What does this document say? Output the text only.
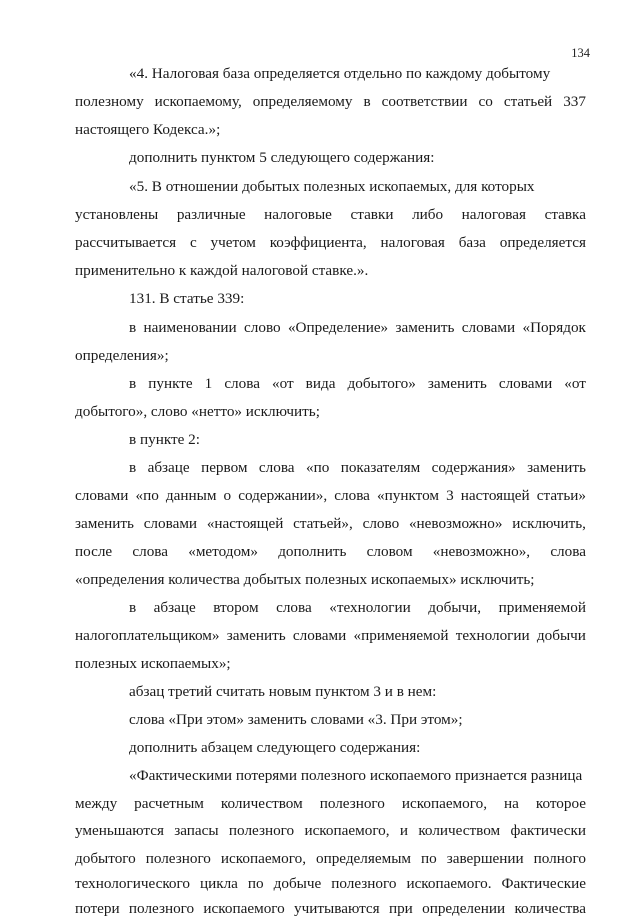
134
«4. Налоговая база определяется отдельно по каждому добытому
полезному ископаемому, определяемому в соответствии со статьей 337
настоящего Кодекса.»;
дополнить пунктом 5 следующего содержания:
«5. В отношении добытых полезных ископаемых, для которых
установлены различные налоговые ставки либо налоговая ставка
рассчитывается с учетом коэффициента, налоговая база определяется
применительно к каждой налоговой ставке.».
131. В статье 339:
в наименовании слово «Определение» заменить словами «Порядок
определения»;
в пункте 1 слова «от вида добытого» заменить словами «от
добытого», слово «нетто» исключить;
в пункте 2:
в абзаце первом слова «по показателям содержания» заменить
словами «по данным о содержании», слова «пунктом 3 настоящей статьи»
заменить словами «настоящей статьей», слово «невозможно» исключить,
после слова «методом» дополнить словом «невозможно», слова
«определения количества добытых полезных ископаемых» исключить;
в абзаце втором слова «технологии добычи, применяемой
налогоплательщиком» заменить словами «применяемой технологии добычи
полезных ископаемых»;
абзац третий считать новым пунктом 3 и в нем:
слова «При этом» заменить словами «3. При этом»;
дополнить абзацем следующего содержания:
«Фактическими потерями полезного ископаемого признается разница
между расчетным количеством полезного ископаемого, на которое
уменьшаются запасы полезного ископаемого, и количеством фактически
добытого полезного ископаемого, определяемым по завершении полного
технологического цикла по добыче полезного ископаемого. Фактические
потери полезного ископаемого учитываются при определении количества
